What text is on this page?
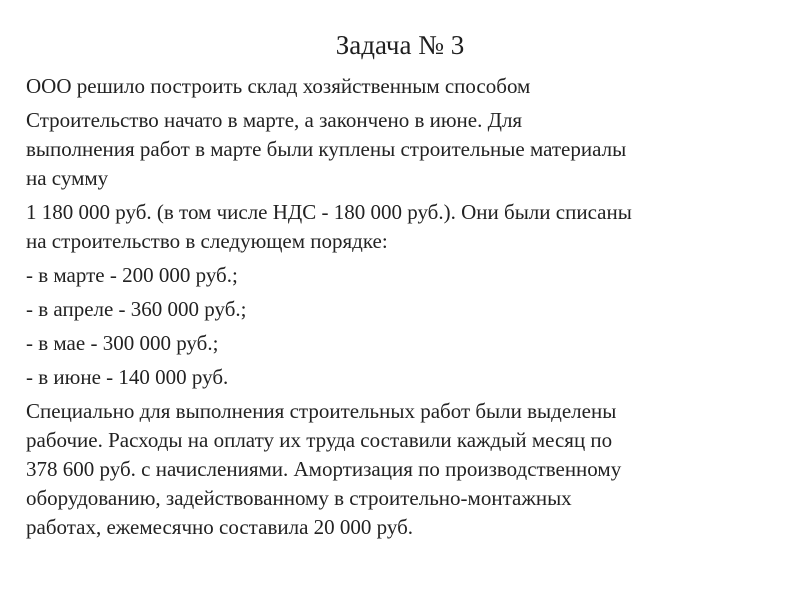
Задача № 3

ООО решило построить склад хозяйственным способом

Строительство начато в марте, а закончено в июне. Для
выполнения работ в марте были куплены строительные материалы
на сумму

1 180 000 руб. (в том числе НДС - 180 000 руб.). Они были списаны
на строительство в следующем порядке:

- в марте - 200 000 руб.;

- в апреле - 360 000 руб.;

- в мае - 300 000 руб.;

- в июне - 140 000 руб.

Специально для выполнения строительных работ были выделены
рабочие. Расходы на оплату их труда составили каждый месяц по
378 600 руб. с начислениями. Амортизация по производственному
оборудованию, задействованному в строительно-монтажных
работах, ежемесячно составила 20 000 руб.
